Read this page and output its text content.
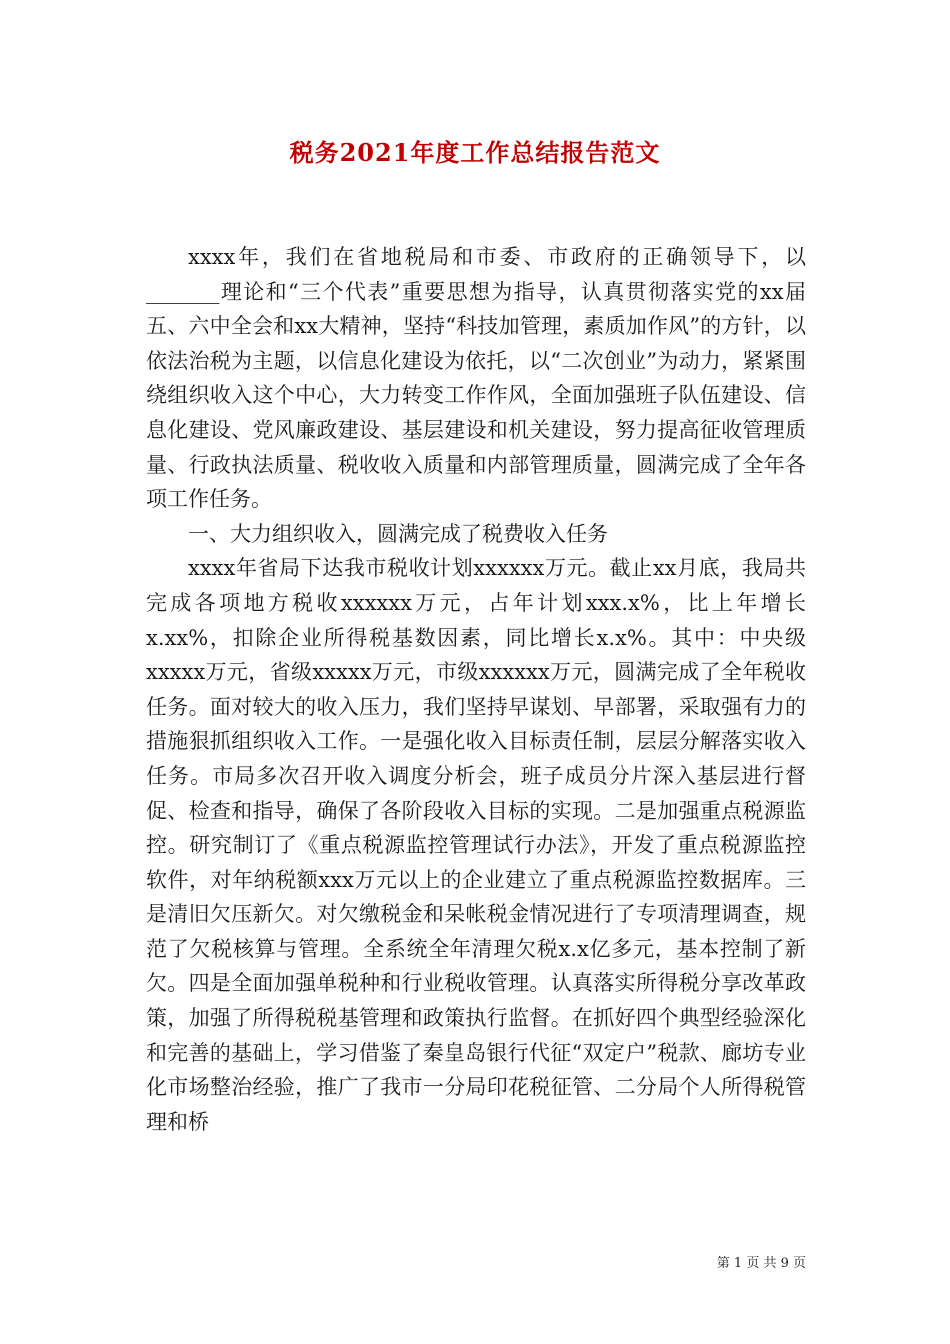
税务2021年度工作总结报告范文

xxxx年，我们在省地税局和市委、市政府的正确领导下，以_______理论和“三个代表”重要思想为指导，认真贯彻落实党的xx届五、六中全会和xx大精神，坚持“科技加管理，素质加作风”的方针，以依法治税为主题，以信息化建设为依托，以“二次创业”为动力，紧紧围绕组织收入这个中心，大力转变工作作风，全面加强班子队伍建设、信息化建设、党风廉政建设、基层建设和机关建设，努力提高征收管理质量、行政执法质量、税收收入质量和内部管理质量，圆满完成了全年各项工作任务。

一、大力组织收入，圆满完成了税费收入任务

xxxx年省局下达我市税收计划xxxxxx万元。截止xx月底，我局共完成各项地方税收xxxxxx万元，占年计划xxx.x%，比上年增长x.xx%，扣除企业所得税基数因素，同比增长x.x%。其中：中央级xxxxx万元，省级xxxxx万元，市级xxxxxx万元，圆满完成了全年税收任务。面对较大的收入压力，我们坚持早谋划、早部署，采取强有力的措施狠抓组织收入工作。一是强化收入目标责任制，层层分解落实收入任务。市局多次召开收入调度分析会，班子成员分片深入基层进行督促、检查和指导，确保了各阶段收入目标的实现。二是加强重点税源监控。研究制订了《重点税源监控管理试行办法》，开发了重点税源监控软件，对年纳税额xxx万元以上的企业建立了重点税源监控数据库。三是清旧欠压新欠。对欠缴税金和呆帐税金情况进行了专项清理调查，规范了欠税核算与管理。全系统全年清理欠税x.x亿多元，基本控制了新欠。四是全面加强单税种和行业税收管理。认真落实所得税分享改革政策，加强了所得税税基管理和政策执行监督。在抓好四个典型经验深化和完善的基础上，学习借鉴了秦皇岛银行代征“双定户”税款、廊坊专业化市场整治经验，推广了我市一分局印花税征管、二分局个人所得税管理和桥

第 1 页 共 9 页
